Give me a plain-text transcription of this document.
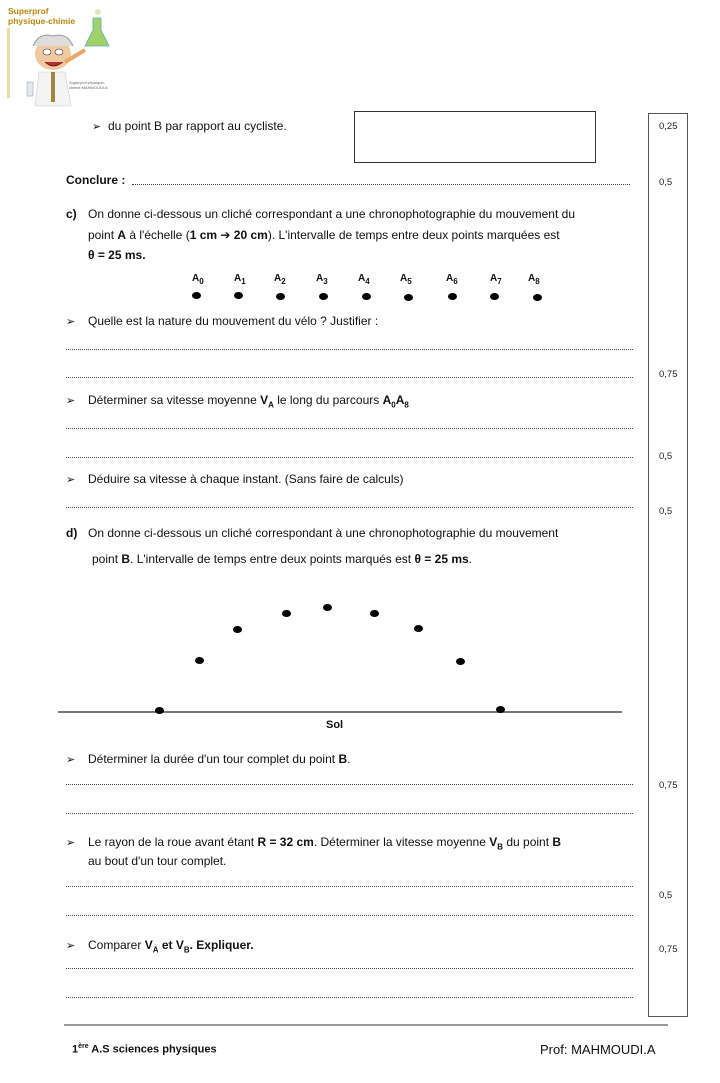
Superprof
physique-chimie
Superprof physique-chimie MAHMOUDI.A
0,25
0,5
0,75
0,5
0,5
0,75
0,5
0,75
➢ du point B par rapport au cycliste.
Conclure :
c) On donne ci-dessous un cliché correspondant a une chronophotographie du mouvement du
point A à l'échelle (1 cm ➔ 20 cm). L'intervalle de temps entre deux points marquées est
θ = 25 ms.
$A_0$	$A_1$	$A_2$	$A_3$	$A_4$	$A_5$	$A_6$	$A_7$	$A_8$
➢ Quelle est la nature du mouvement du vélo ? Justifier :
➢ Déterminer sa vitesse moyenne $V_A$ le long du parcours $A_0A_8$
➢ Déduire sa vitesse à chaque instant. (Sans faire de calculs)
d) On donne ci-dessous un cliché correspondant à une chronophotographie du mouvement
point B. L'intervalle de temps entre deux points marqués est θ = 25 ms.
Sol
➢ Déterminer la durée d'un tour complet du point B.
➢ Le rayon de la roue avant étant R = 32 cm. Déterminer la vitesse moyenne $V_B$ du point B
au bout d'un tour complet.
➢ Comparer $V_A$ et $V_B$. Expliquer.
1ère A.S sciences physiques	Prof: MAHMOUDI.A
